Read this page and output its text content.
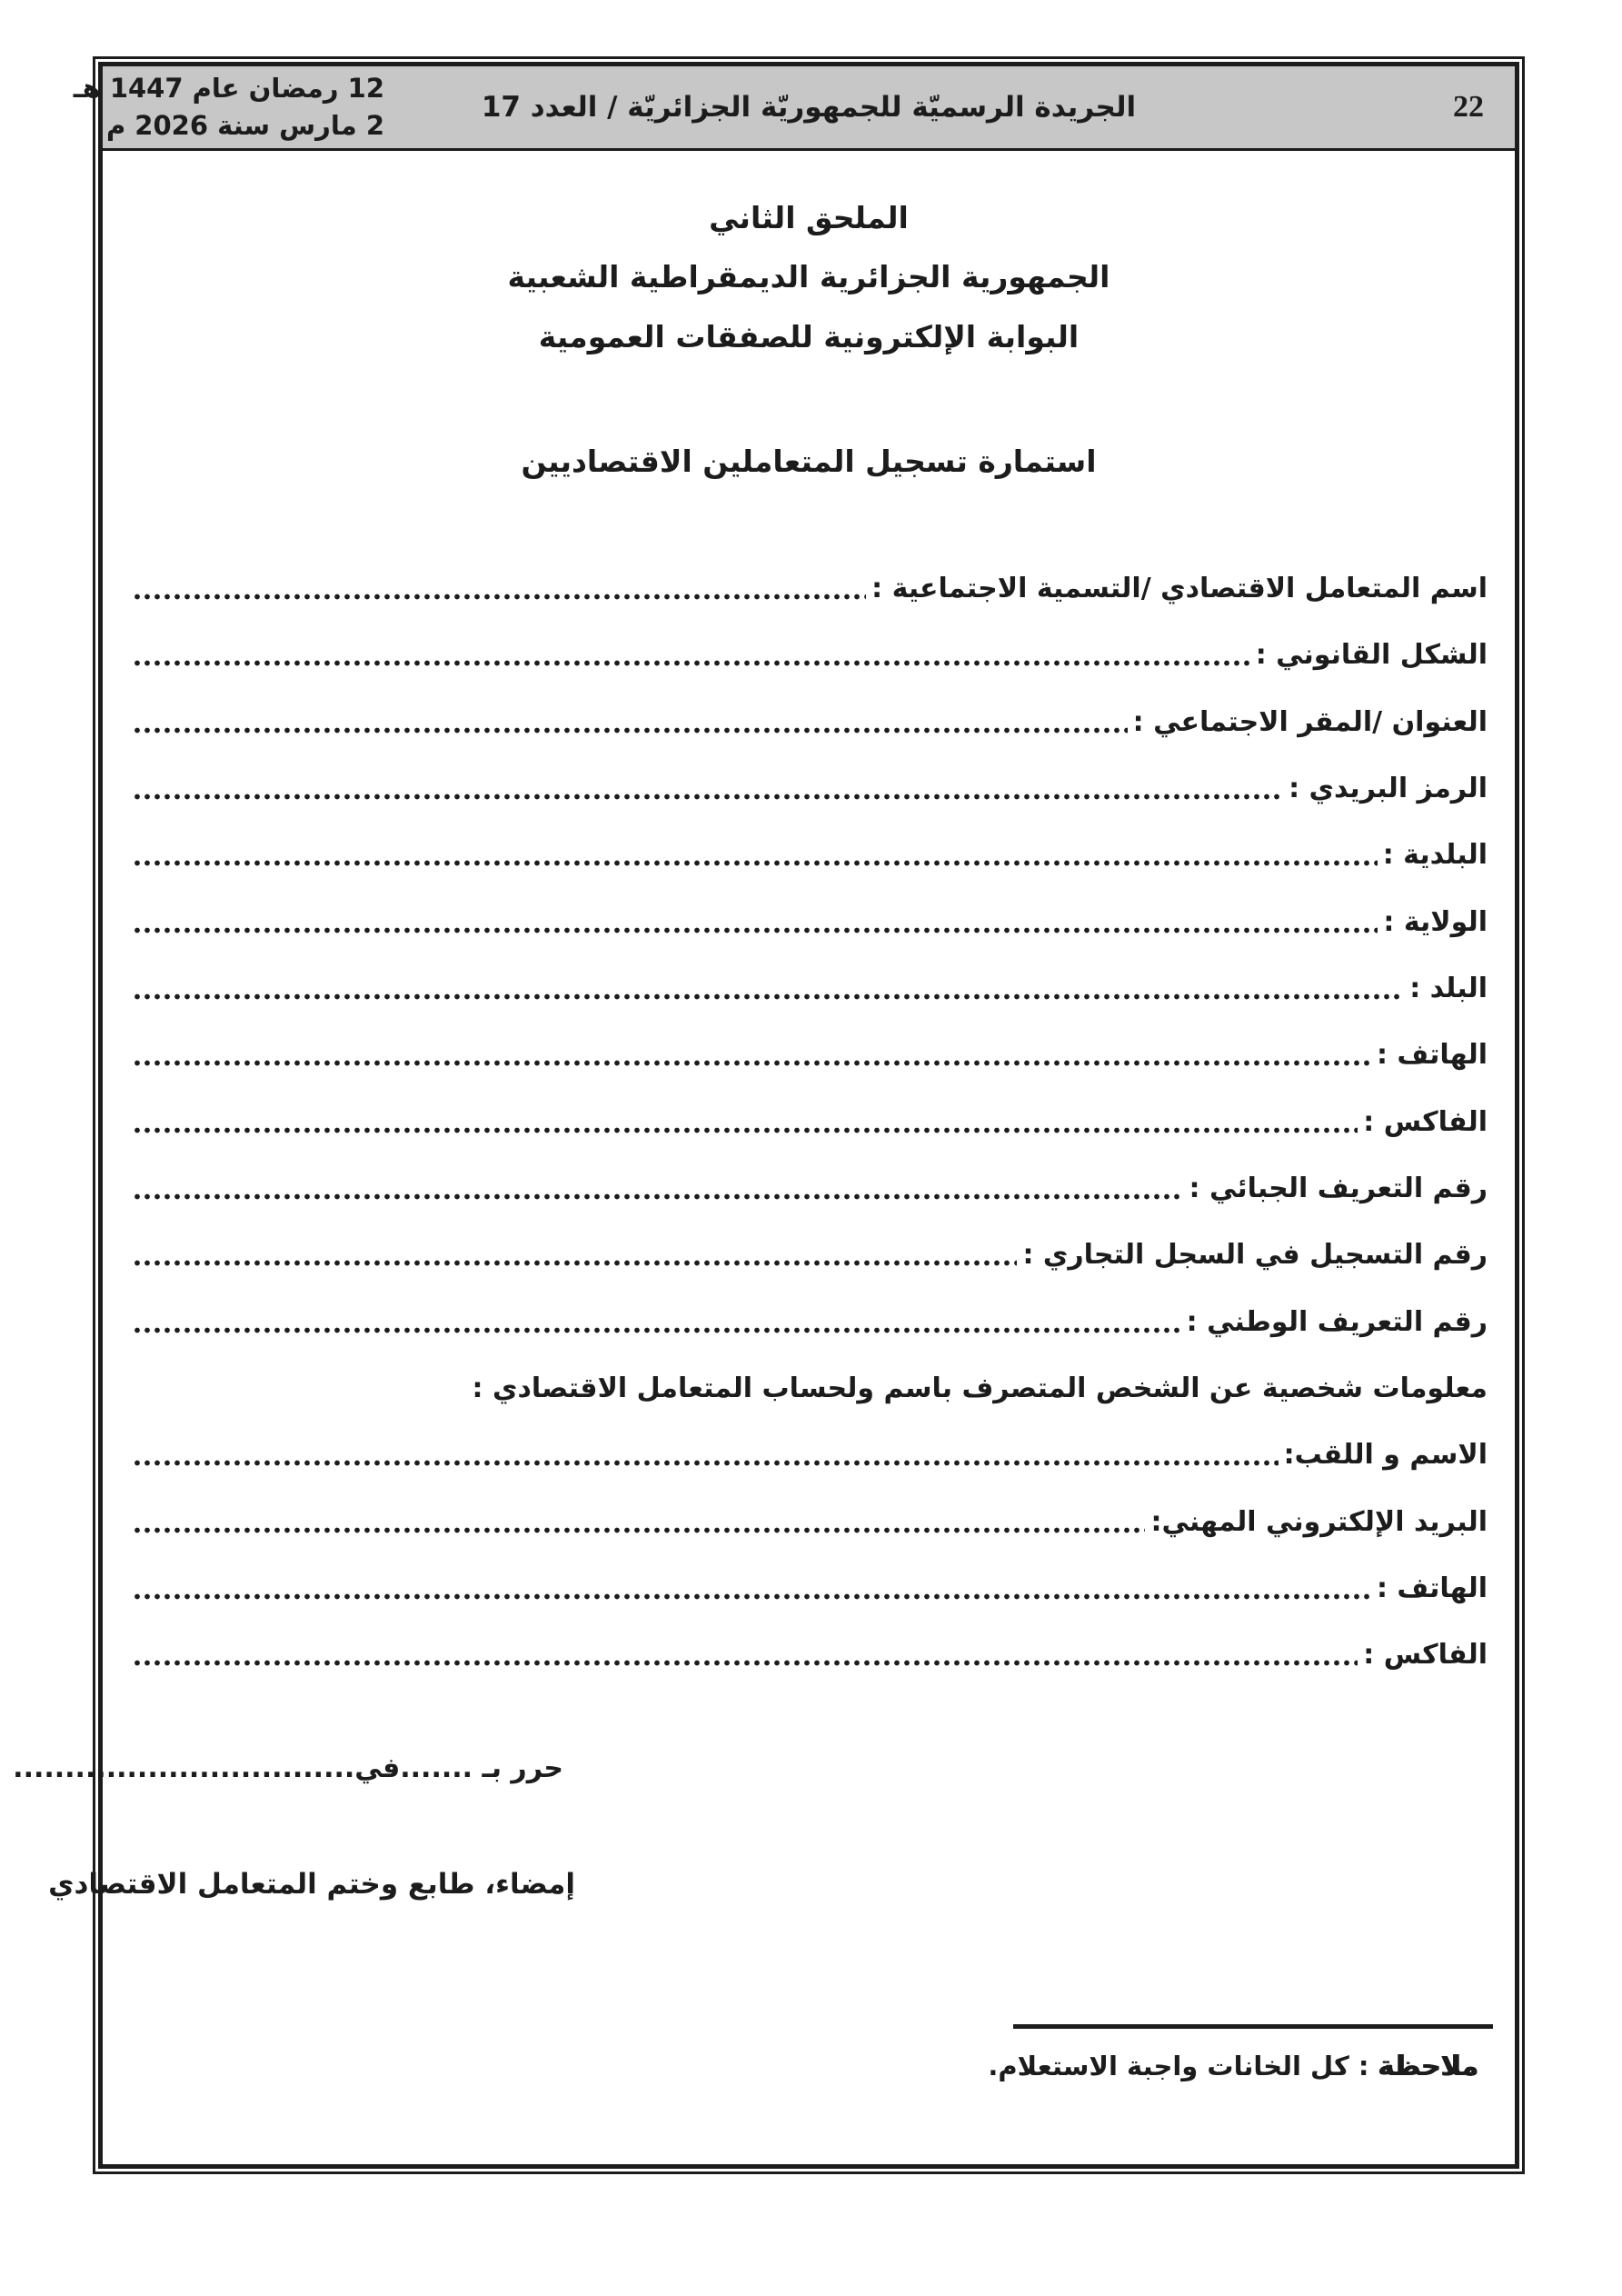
12 رمضان عام 1447 هـ
2 مارس سنة 2026 م
الجريدة الرسميّة للجمهوريّة الجزائريّة / العدد 17	22
الملحق الثاني
الجمهورية الجزائرية الديمقراطية الشعبية
البوابة الإلكترونية للصفقات العمومية
استمارة تسجيل المتعاملين الاقتصاديين
اسم المتعامل الاقتصادي /التسمية الاجتماعية :
الشكل القانوني :
العنوان /المقر الاجتماعي :
الرمز البريدي :
البلدية :
الولاية :
البلد :
الهاتف :
الفاكس :
رقم التعريف الجبائي :
رقم التسجيل في السجل التجاري :
رقم التعريف الوطني :
معلومات شخصية عن الشخص المتصرف باسم ولحساب المتعامل الاقتصادي :
الاسم و اللقب:
البريد الإلكتروني المهني:
الهاتف :
الفاكس :
حرر بـ .......في.................................
إمضاء، طابع وختم المتعامل الاقتصادي
ملاحظة : كل الخانات واجبة الاستعلام.
